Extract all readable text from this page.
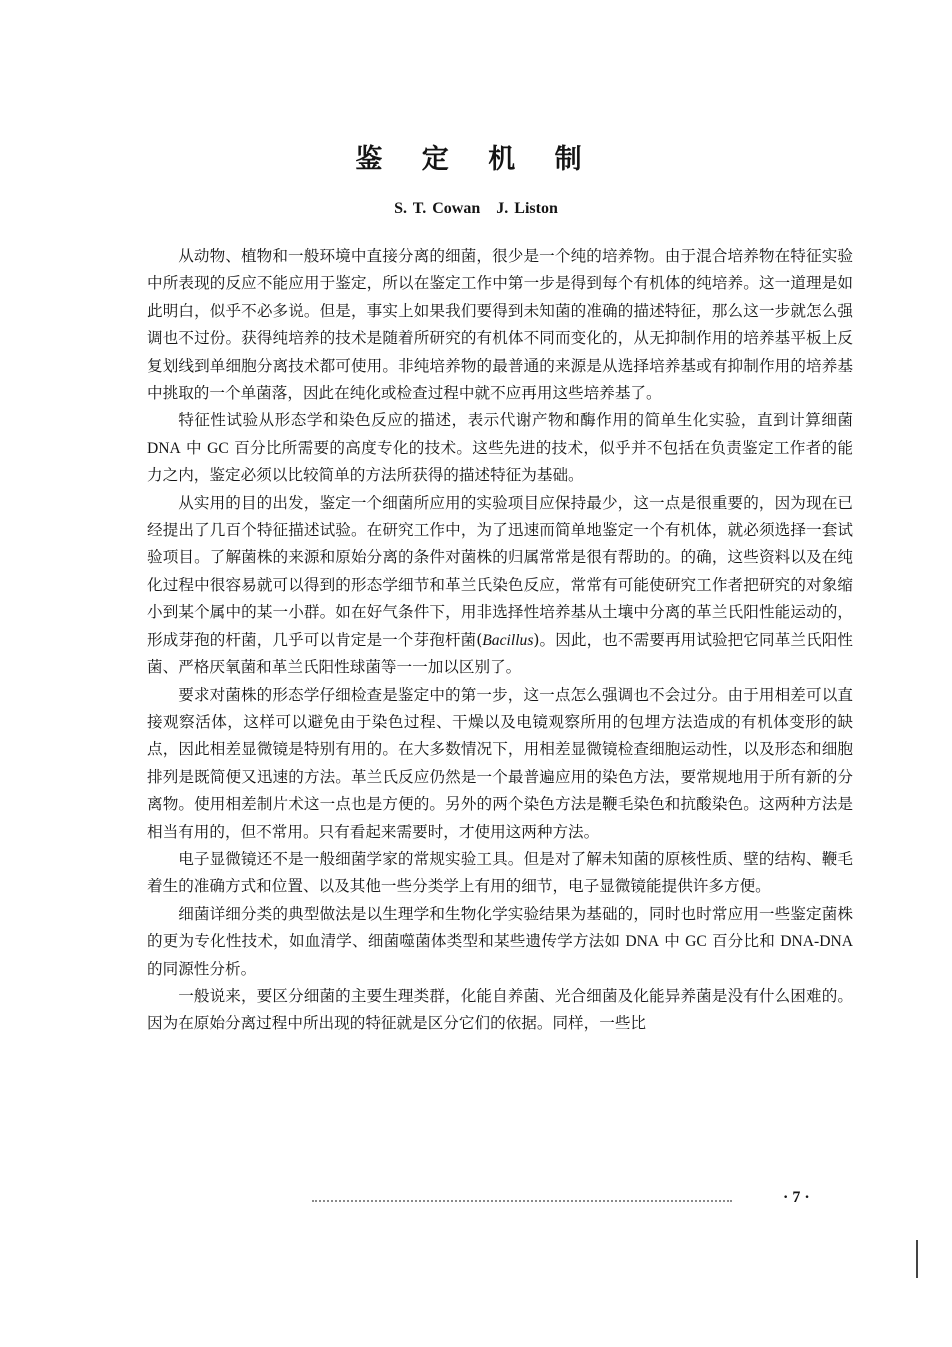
鉴 定 机 制
S. T. Cowan J. Liston

从动物、植物和一般环境中直接分离的细菌，很少是一个纯的培养物。由于混合培养物在特征实验中所表现的反应不能应用于鉴定，所以在鉴定工作中第一步是得到每个有机体的纯培养。这一道理是如此明白，似乎不必多说。但是，事实上如果我们要得到未知菌的准确的描述特征，那么这一步就怎么强调也不过份。获得纯培养的技术是随着所研究的有机体不同而变化的，从无抑制作用的培养基平板上反复划线到单细胞分离技术都可使用。非纯培养物的最普通的来源是从选择培养基或有抑制作用的培养基中挑取的一个单菌落，因此在纯化或检查过程中就不应再用这些培养基了。

特征性试验从形态学和染色反应的描述，表示代谢产物和酶作用的简单生化实验，直到计算细菌 DNA 中 GC 百分比所需要的高度专化的技术。这些先进的技术，似乎并不包括在负责鉴定工作者的能力之内，鉴定必须以比较简单的方法所获得的描述特征为基础。

从实用的目的出发，鉴定一个细菌所应用的实验项目应保持最少，这一点是很重要的，因为现在已经提出了几百个特征描述试验。在研究工作中，为了迅速而简单地鉴定一个有机体，就必须选择一套试验项目。了解菌株的来源和原始分离的条件对菌株的归属常常是很有帮助的。的确，这些资料以及在纯化过程中很容易就可以得到的形态学细节和革兰氏染色反应，常常有可能使研究工作者把研究的对象缩小到某个属中的某一小群。如在好气条件下，用非选择性培养基从土壤中分离的革兰氏阳性能运动的，形成芽孢的杆菌，几乎可以肯定是一个芽孢杆菌(Bacillus)。因此，也不需要再用试验把它同革兰氏阳性菌、严格厌氧菌和革兰氏阳性球菌等一一加以区别了。

要求对菌株的形态学仔细检查是鉴定中的第一步，这一点怎么强调也不会过分。由于用相差可以直接观察活体，这样可以避免由于染色过程、干燥以及电镜观察所用的包埋方法造成的有机体变形的缺点，因此相差显微镜是特别有用的。在大多数情况下，用相差显微镜检查细胞运动性，以及形态和细胞排列是既简便又迅速的方法。革兰氏反应仍然是一个最普遍应用的染色方法，要常规地用于所有新的分离物。使用相差制片术这一点也是方便的。另外的两个染色方法是鞭毛染色和抗酸染色。这两种方法是相当有用的，但不常用。只有看起来需要时，才使用这两种方法。

电子显微镜还不是一般细菌学家的常规实验工具。但是对了解未知菌的原核性质、壁的结构、鞭毛着生的准确方式和位置、以及其他一些分类学上有用的细节，电子显微镜能提供许多方便。

细菌详细分类的典型做法是以生理学和生物化学实验结果为基础的，同时也时常应用一些鉴定菌株的更为专化性技术，如血清学、细菌噬菌体类型和某些遗传学方法如 DNA 中 GC 百分比和 DNA-DNA 的同源性分析。

一般说来，要区分细菌的主要生理类群，化能自养菌、光合细菌及化能异养菌是没有什么困难的。因为在原始分离过程中所出现的特征就是区分它们的依据。同样，一些比

· 7 ·
